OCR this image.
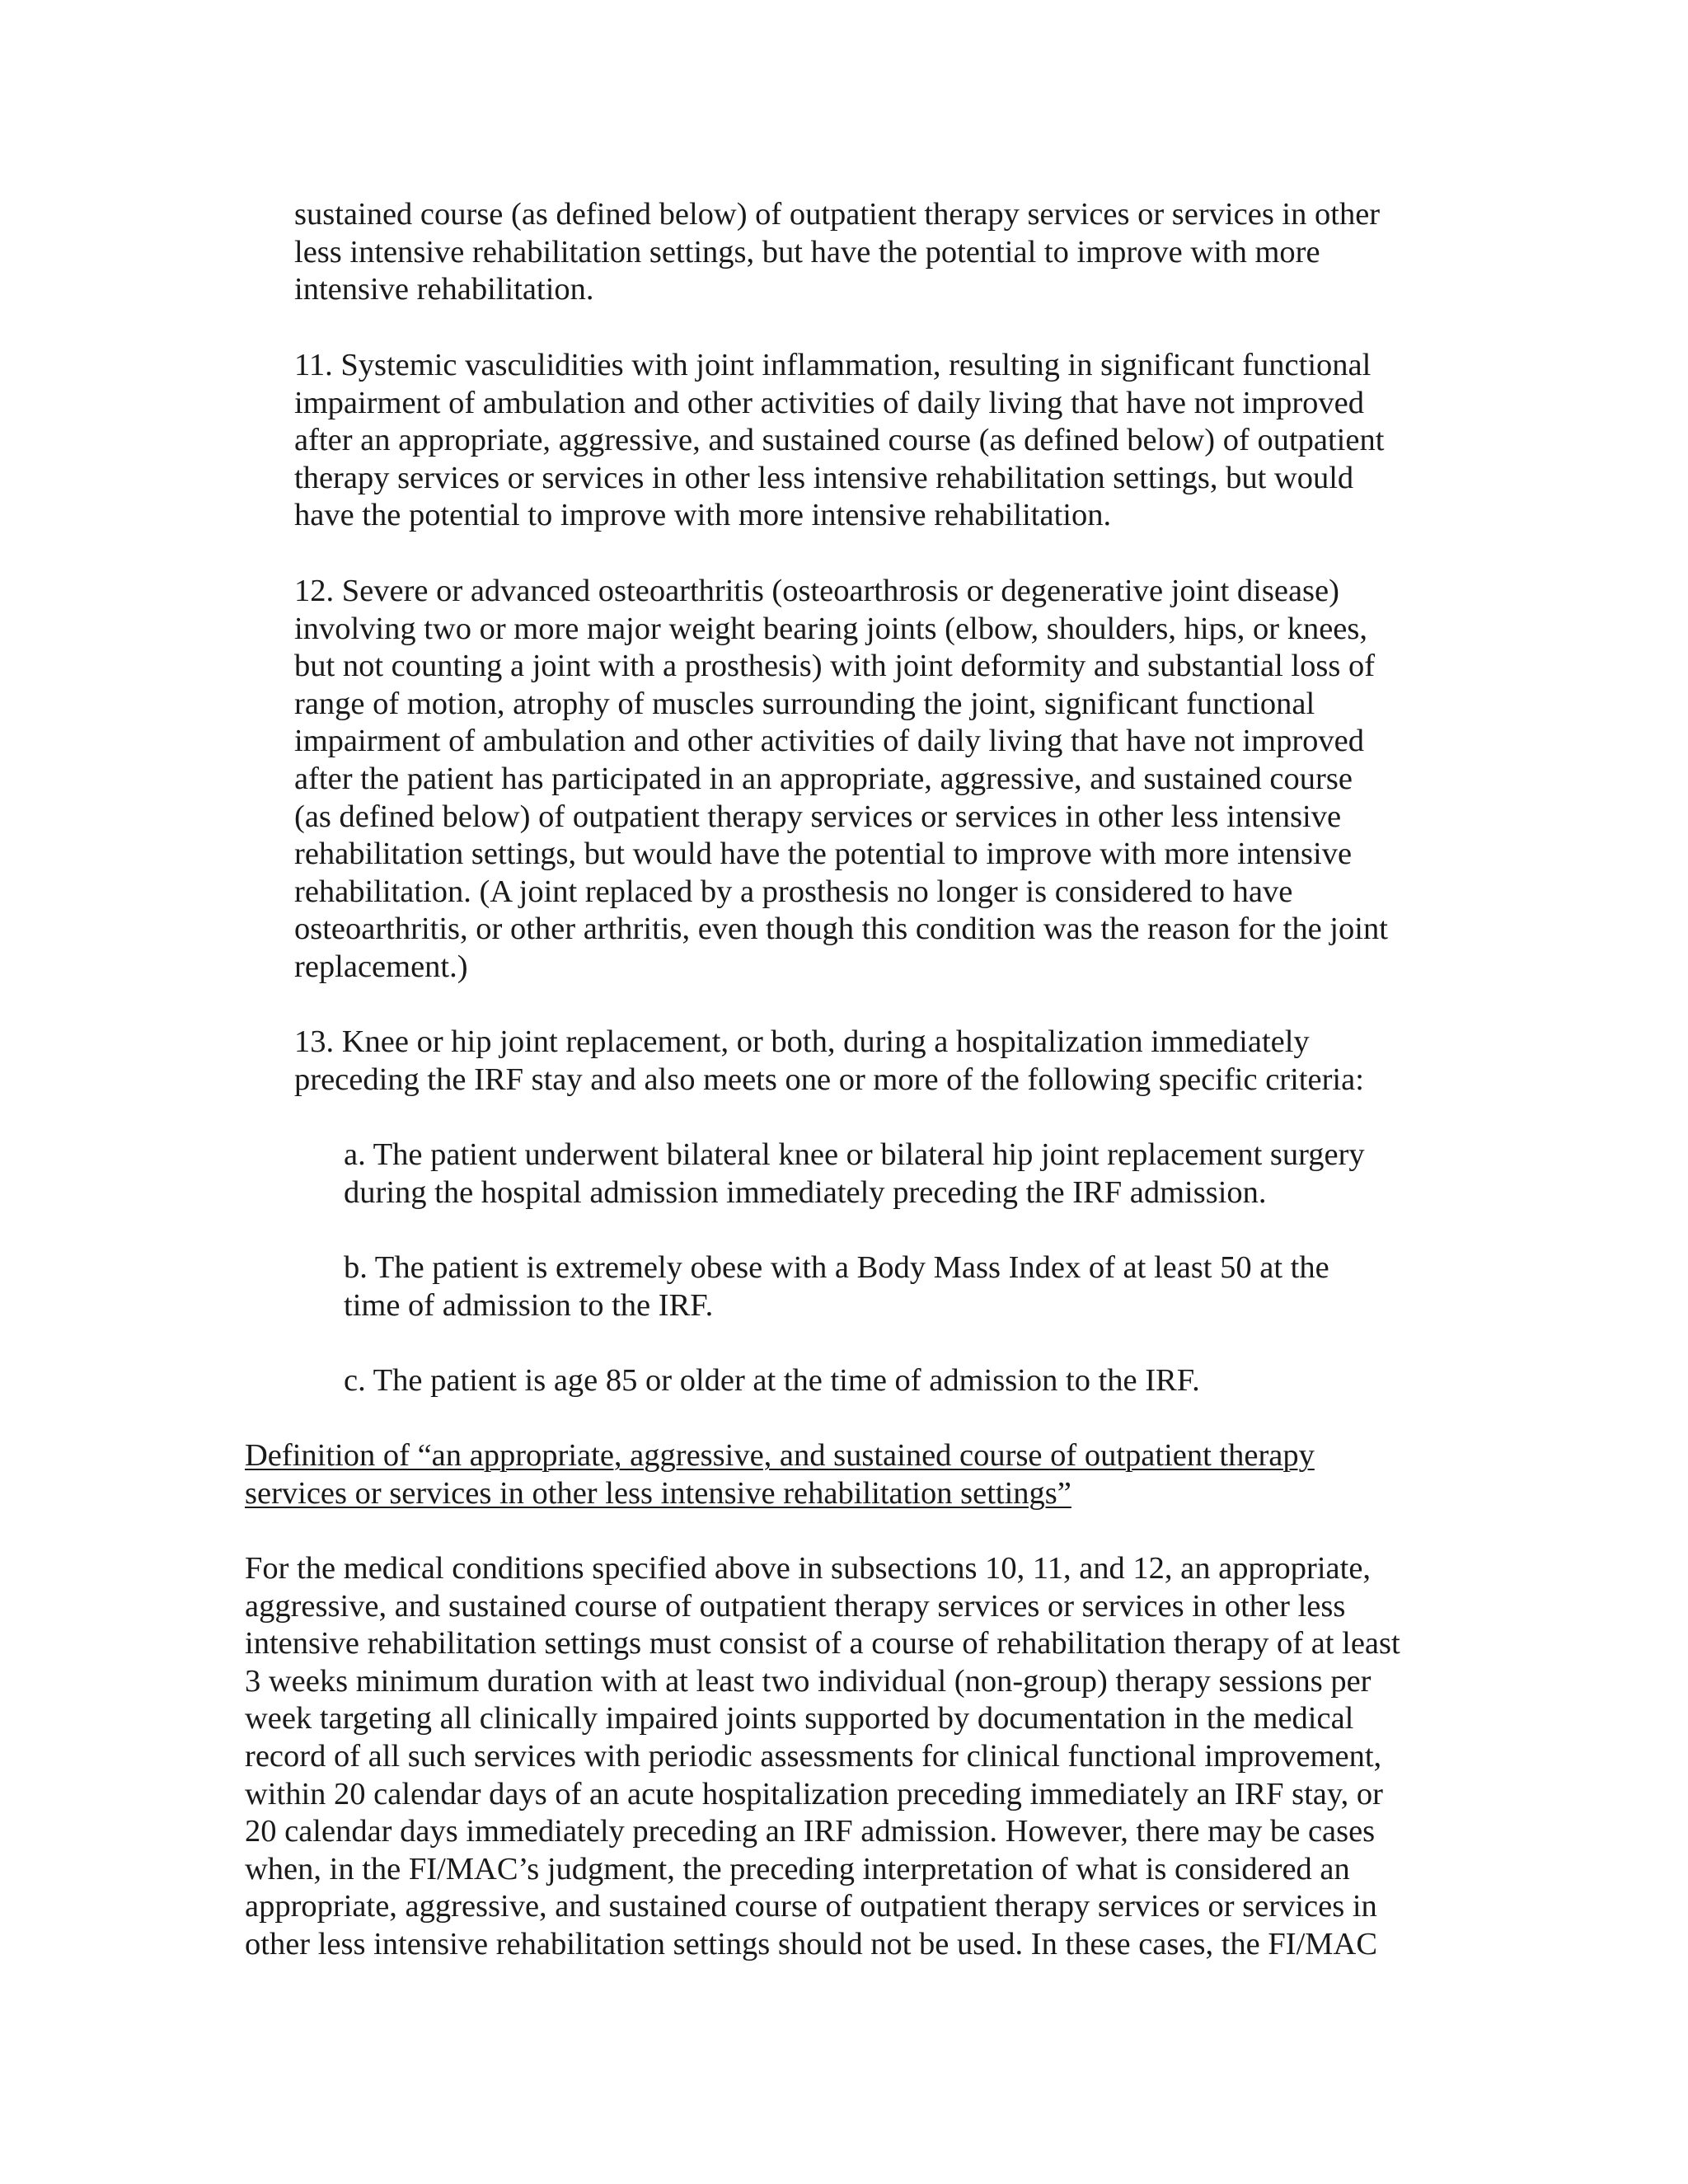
sustained course (as defined below) of outpatient therapy services or services in other
less intensive rehabilitation settings, but have the potential to improve with more
intensive rehabilitation.

11. Systemic vasculidities with joint inflammation, resulting in significant functional
impairment of ambulation and other activities of daily living that have not improved
after an appropriate, aggressive, and sustained course (as defined below) of outpatient
therapy services or services in other less intensive rehabilitation settings, but would
have the potential to improve with more intensive rehabilitation.

12. Severe or advanced osteoarthritis (osteoarthrosis or degenerative joint disease)
involving two or more major weight bearing joints (elbow, shoulders, hips, or knees,
but not counting a joint with a prosthesis) with joint deformity and substantial loss of
range of motion, atrophy of muscles surrounding the joint, significant functional
impairment of ambulation and other activities of daily living that have not improved
after the patient has participated in an appropriate, aggressive, and sustained course
(as defined below) of outpatient therapy services or services in other less intensive
rehabilitation settings, but would have the potential to improve with more intensive
rehabilitation. (A joint replaced by a prosthesis no longer is considered to have
osteoarthritis, or other arthritis, even though this condition was the reason for the joint
replacement.)

13. Knee or hip joint replacement, or both, during a hospitalization immediately
preceding the IRF stay and also meets one or more of the following specific criteria:

a. The patient underwent bilateral knee or bilateral hip joint replacement surgery
during the hospital admission immediately preceding the IRF admission.

b. The patient is extremely obese with a Body Mass Index of at least 50 at the
time of admission to the IRF.

c. The patient is age 85 or older at the time of admission to the IRF.

Definition of “an appropriate, aggressive, and sustained course of outpatient therapy
services or services in other less intensive rehabilitation settings”

For the medical conditions specified above in subsections 10, 11, and 12, an appropriate,
aggressive, and sustained course of outpatient therapy services or services in other less
intensive rehabilitation settings must consist of a course of rehabilitation therapy of at least
3 weeks minimum duration with at least two individual (non-group) therapy sessions per
week targeting all clinically impaired joints supported by documentation in the medical
record of all such services with periodic assessments for clinical functional improvement,
within 20 calendar days of an acute hospitalization preceding immediately an IRF stay, or
20 calendar days immediately preceding an IRF admission. However, there may be cases
when, in the FI/MAC’s judgment, the preceding interpretation of what is considered an
appropriate, aggressive, and sustained course of outpatient therapy services or services in
other less intensive rehabilitation settings should not be used. In these cases, the FI/MAC
